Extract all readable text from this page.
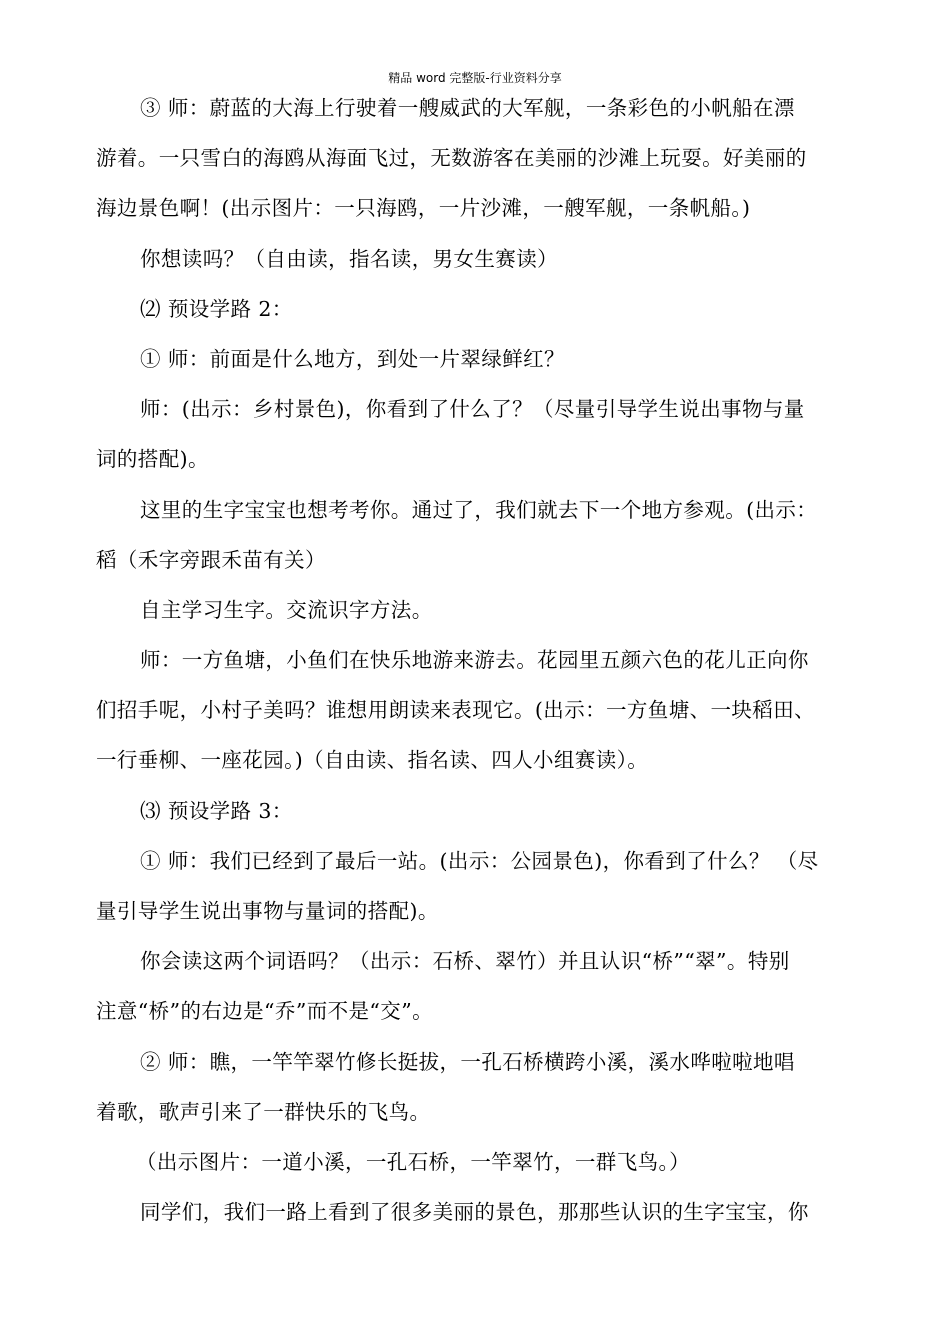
精品 word 完整版-行业资料分享
③ 师：蔚蓝的大海上行驶着一艘威武的大军舰，一条彩色的小帆船在漂
游着。一只雪白的海鸥从海面飞过，无数游客在美丽的沙滩上玩耍。好美丽的
海边景色啊！(出示图片：一只海鸥，一片沙滩，一艘军舰，一条帆船。)
你想读吗？（自由读，指名读，男女生赛读）
⑵ 预设学路 2：
① 师：前面是什么地方，到处一片翠绿鲜红？
师：(出示：乡村景色)，你看到了什么了？（尽量引导学生说出事物与量
词的搭配)。
这里的生字宝宝也想考考你。通过了，我们就去下一个地方参观。(出示：
稻（禾字旁跟禾苗有关）
自主学习生字。交流识字方法。
师：一方鱼塘，小鱼们在快乐地游来游去。花园里五颜六色的花儿正向你
们招手呢，小村子美吗？谁想用朗读来表现它。(出示：一方鱼塘、一块稻田、
一行垂柳、一座花园。)（自由读、指名读、四人小组赛读）。
⑶ 预设学路 3：
① 师：我们已经到了最后一站。(出示：公园景色)，你看到了什么？ （尽
量引导学生说出事物与量词的搭配)。
你会读这两个词语吗？（出示：石桥、翠竹）并且认识“桥”“翠”。特别
注意“桥”的右边是“乔”而不是“交”。
② 师：瞧，一竿竿翠竹修长挺拔，一孔石桥横跨小溪，溪水哗啦啦地唱
着歌，歌声引来了一群快乐的飞鸟。
（出示图片：一道小溪，一孔石桥，一竿翠竹，一群飞鸟。）
同学们，我们一路上看到了很多美丽的景色，那那些认识的生字宝宝，你
